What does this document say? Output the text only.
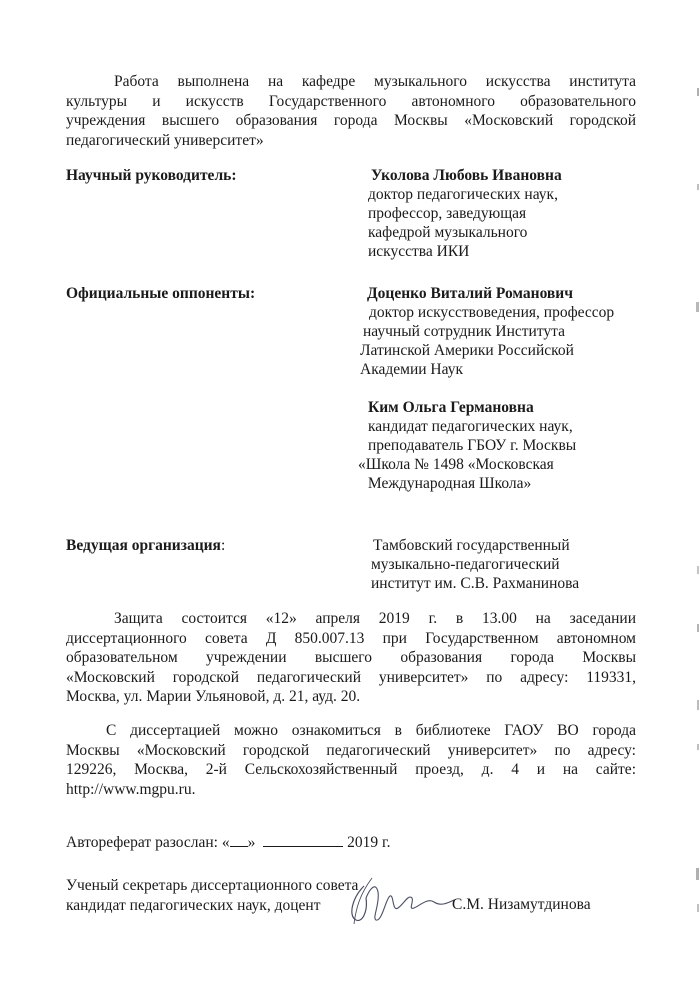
Работа выполнена на кафедре музыкального искусства института
культуры и искусств Государственного автономного образовательного
учреждения высшего образования города Москвы «Московский городской
педагогический университет»
Научный руководитель:	Уколова Любовь Ивановна
доктор педагогических наук,
профессор, заведующая
кафедрой музыкального
искусства ИКИ
Официальные оппоненты:	Доценко Виталий Романович
доктор искусствоведения, профессор
научный сотрудник Института
Латинской Америки Российской
Академии Наук
Ким Ольга Германовна
кандидат педагогических наук,
преподаватель ГБОУ г. Москвы
«Школа № 1498 «Московская
Международная Школа»
Ведущая организация:	Тамбовский государственный
музыкально-педагогический
институт им. С.В. Рахманинова
Защита состоится «12» апреля 2019 г. в 13.00 на заседании
диссертационного совета Д 850.007.13 при Государственном автономном
образовательном учреждении высшего образования города Москвы
«Московский городской педагогический университет» по адресу: 119331,
Москва, ул. Марии Ульяновой, д. 21, ауд. 20.
С диссертацией можно ознакомиться в библиотеке ГАОУ ВО города
Москвы «Московский городской педагогический университет» по адресу:
129226, Москва, 2-й Сельскохозяйственный проезд, д. 4 и на сайте:
http://www.mgpu.ru.
Автореферат разослан: « »	2019 г.
Ученый секретарь диссертационного совета
кандидат педагогических наук, доцент	С.М. Низамутдинова
